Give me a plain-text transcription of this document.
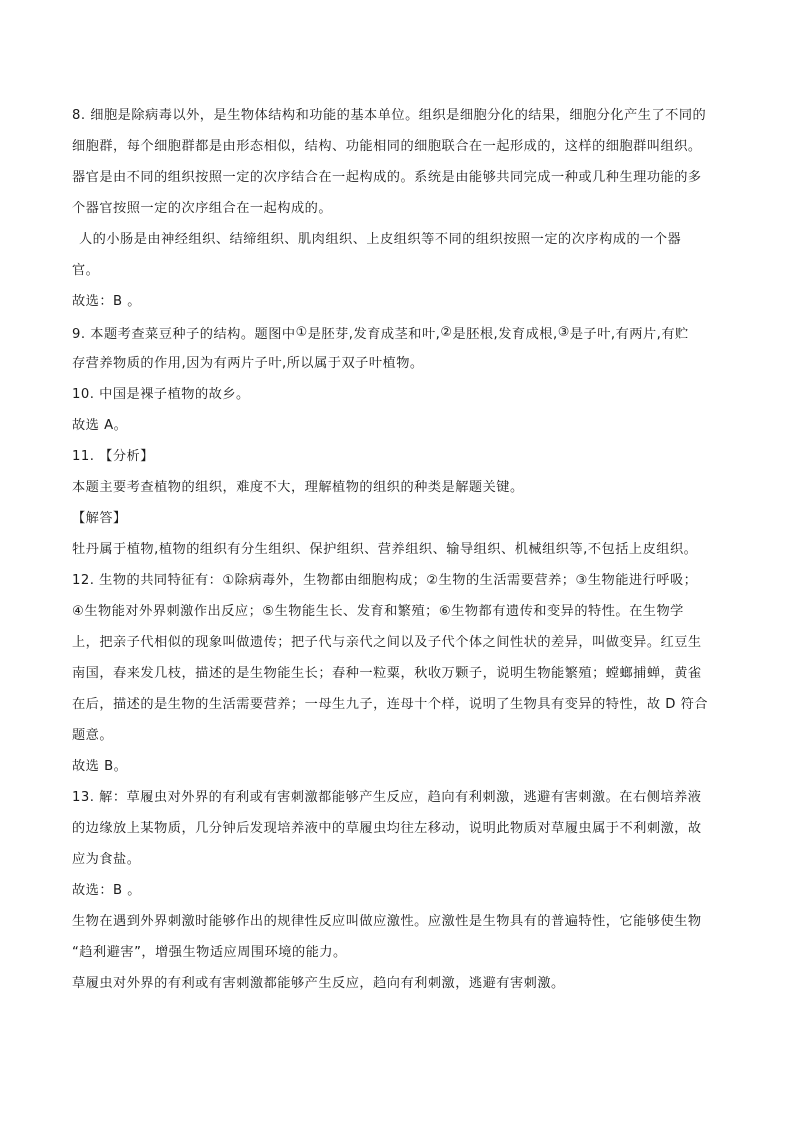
8. 细胞是除病毒以外，是生物体结构和功能的基本单位。组织是细胞分化的结果，细胞分化产生了不同的
细胞群，每个细胞群都是由形态相似，结构、功能相同的细胞联合在一起形成的，这样的细胞群叫组织。
器官是由不同的组织按照一定的次序结合在一起构成的。系统是由能够共同完成一种或几种生理功能的多
个器官按照一定的次序组合在一起构成的。
人的小肠是由神经组织、结缔组织、肌肉组织、上皮组织等不同的组织按照一定的次序构成的一个器
官。
故选：B 。
9. 本题考查菜豆种子的结构。题图中①是胚芽,发育成茎和叶,②是胚根,发育成根,③是子叶,有两片,有贮
存营养物质的作用,因为有两片子叶,所以属于双子叶植物。
10. 中国是裸子植物的故乡。
故选 A。
11. 【分析】
本题主要考查植物的组织，难度不大，理解植物的组织的种类是解题关键。
【解答】
牡丹属于植物,植物的组织有分生组织、保护组织、营养组织、输导组织、机械组织等,不包括上皮组织。
12. 生物的共同特征有：①除病毒外，生物都由细胞构成；②生物的生活需要营养；③生物能进行呼吸；
④生物能对外界刺激作出反应；⑤生物能生长、发育和繁殖；⑥生物都有遗传和变异的特性。在生物学
上，把亲子代相似的现象叫做遗传；把子代与亲代之间以及子代个体之间性状的差异，叫做变异。红豆生
南国，春来发几枝，描述的是生物能生长；春种一粒粟，秋收万颗子，说明生物能繁殖；螳螂捕蝉，黄雀
在后，描述的是生物的生活需要营养；一母生九子，连母十个样，说明了生物具有变异的特性，故 D 符合
题意。
故选 B。
13. 解：草履虫对外界的有利或有害刺激都能够产生反应，趋向有利刺激，逃避有害刺激。在右侧培养液
的边缘放上某物质，几分钟后发现培养液中的草履虫均往左移动，说明此物质对草履虫属于不利刺激，故
应为食盐。
故选：B 。
生物在遇到外界刺激时能够作出的规律性反应叫做应激性。应激性是生物具有的普遍特性，它能够使生物
“趋利避害”，增强生物适应周围环境的能力。
草履虫对外界的有利或有害刺激都能够产生反应，趋向有利刺激，逃避有害刺激。
